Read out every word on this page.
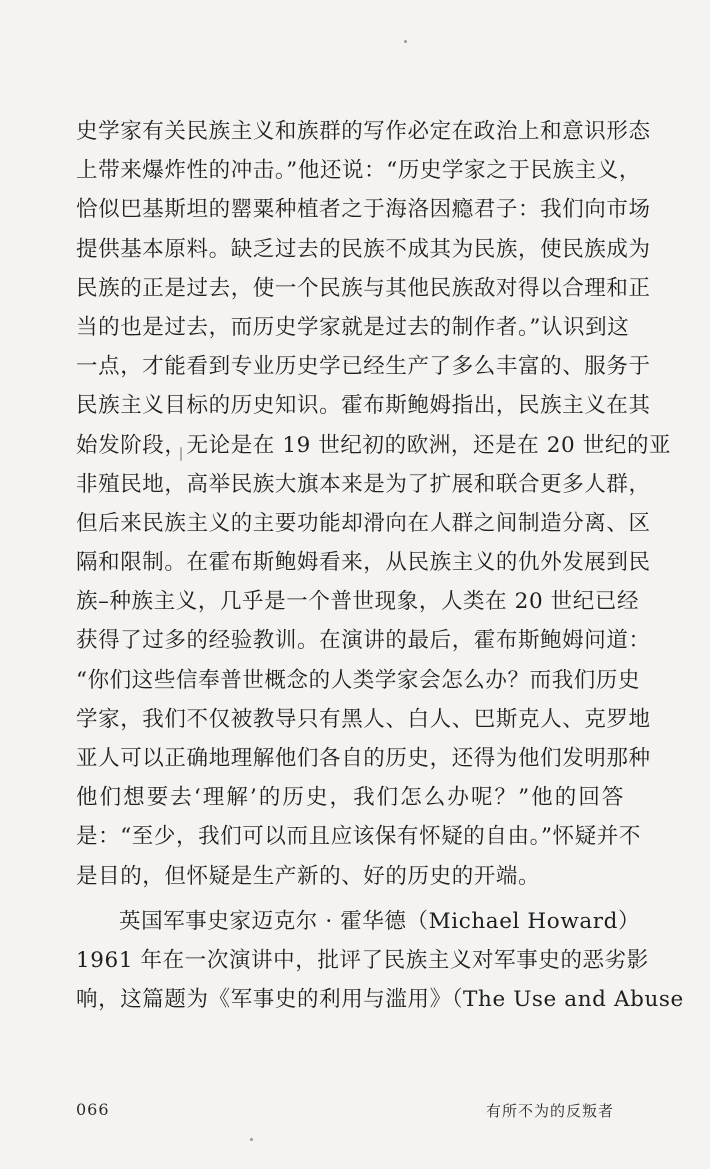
史学家有关民族主义和族群的写作必定在政治上和意识形态
上带来爆炸性的冲击。”他还说：“历史学家之于民族主义，
恰似巴基斯坦的罂粟种植者之于海洛因瘾君子：我们向市场
提供基本原料。缺乏过去的民族不成其为民族，使民族成为
民族的正是过去，使一个民族与其他民族敌对得以合理和正
当的也是过去，而历史学家就是过去的制作者。”认识到这
一点，才能看到专业历史学已经生产了多么丰富的、服务于
民族主义目标的历史知识。霍布斯鲍姆指出，民族主义在其
始发阶段，无论是在 19 世纪初的欧洲，还是在 20 世纪的亚
非殖民地，高举民族大旗本来是为了扩展和联合更多人群，
但后来民族主义的主要功能却滑向在人群之间制造分离、区
隔和限制。在霍布斯鲍姆看来，从民族主义的仇外发展到民
族–种族主义，几乎是一个普世现象，人类在 20 世纪已经
获得了过多的经验教训。在演讲的最后，霍布斯鲍姆问道：
“你们这些信奉普世概念的人类学家会怎么办？而我们历史
学家，我们不仅被教导只有黑人、白人、巴斯克人、克罗地
亚人可以正确地理解他们各自的历史，还得为他们发明那种
他们想要去‘理解’的历史，我们怎么办呢？”他的回答
是：“至少，我们可以而且应该保有怀疑的自由。”怀疑并不
是目的，但怀疑是生产新的、好的历史的开端。
英国军事史家迈克尔 · 霍华德（Michael Howard）
1961 年在一次演讲中，批评了民族主义对军事史的恶劣影
响，这篇题为《军事史的利用与滥用》（The Use and Abuse
066	有所不为的反叛者
